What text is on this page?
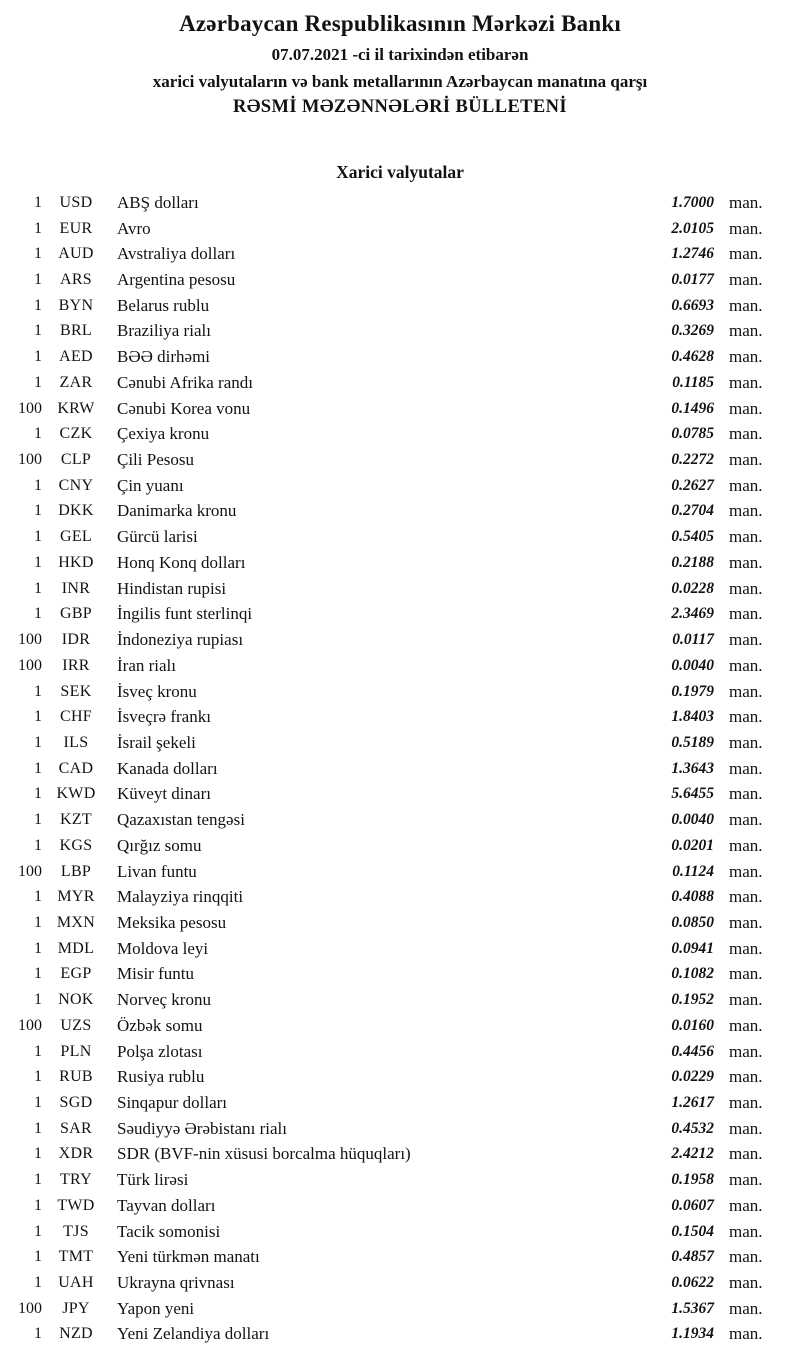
Azərbaycan Respublikasının Mərkəzi Bankı
07.07.2021 -ci il tarixindən etibarən
xarici valyutaların və bank metallarının Azərbaycan manatına qarşı
RƏSMİ MƏZƏNNƏLƏRİ BÜLLETENİ
Xarici valyutalar
1	USD	ABŞ dolları	1.7000 man.
1	EUR	Avro	2.0105 man.
1	AUD	Avstraliya dolları	1.2746 man.
1	ARS	Argentina pesosu	0.0177 man.
1	BYN	Belarus rublu	0.6693 man.
1	BRL	Braziliya rialı	0.3269 man.
1	AED	BƏƏ dirhəmi	0.4628 man.
1	ZAR	Cənubi Afrika randı	0.1185 man.
100 KRW	Cənubi Korea vonu	0.1496 man.
1	CZK	Çexiya kronu	0.0785 man.
100	CLP	Çili Pesosu	0.2272 man.
1	CNY	Çin yuanı	0.2627 man.
1	DKK	Danimarka kronu	0.2704 man.
1	GEL	Gürcü larisi	0.5405 man.
1	HKD	Honq Konq dolları	0.2188 man.
1	INR	Hindistan rupisi	0.0228 man.
1	GBP	İngilis funt sterlinqi	2.3469 man.
100	IDR	İndoneziya rupiası	0.0117 man.
100	IRR	İran rialı	0.0040 man.
1	SEK	İsveç kronu	0.1979 man.
1	CHF	İsveçrə frankı	1.8403 man.
1	ILS	İsrail şekeli	0.5189 man.
1	CAD	Kanada dolları	1.3643 man.
1 KWD	Küveyt dinarı	5.6455 man.
1	KZT	Qazaxıstan tengəsi	0.0040 man.
1	KGS	Qırğız somu	0.0201 man.
100	LBP	Livan funtu	0.1124 man.
1 MYR	Malayziya rinqqiti	0.4088 man.
1 MXN	Meksika pesosu	0.0850 man.
1 MDL	Moldova leyi	0.0941 man.
1	EGP	Misir funtu	0.1082 man.
1	NOK	Norveç kronu	0.1952 man.
100	UZS	Özbək somu	0.0160 man.
1	PLN	Polşa zlotası	0.4456 man.
1	RUB	Rusiya rublu	0.0229 man.
1	SGD	Sinqapur dolları	1.2617 man.
1	SAR	Səudiyyə Ərəbistanı rialı	0.4532 man.
1	XDR	SDR (BVF-nin xüsusi borcalma hüquqları)	2.4212 man.
1	TRY	Türk lirəsi	0.1958 man.
1 TWD	Tayvan dolları	0.0607 man.
1	TJS	Tacik somonisi	0.1504 man.
1	TMT	Yeni türkmən manatı	0.4857 man.
1	UAH	Ukrayna qrivnası	0.0622 man.
100	JPY	Yapon yeni	1.5367 man.
1	NZD	Yeni Zelandiya dolları	1.1934 man.
